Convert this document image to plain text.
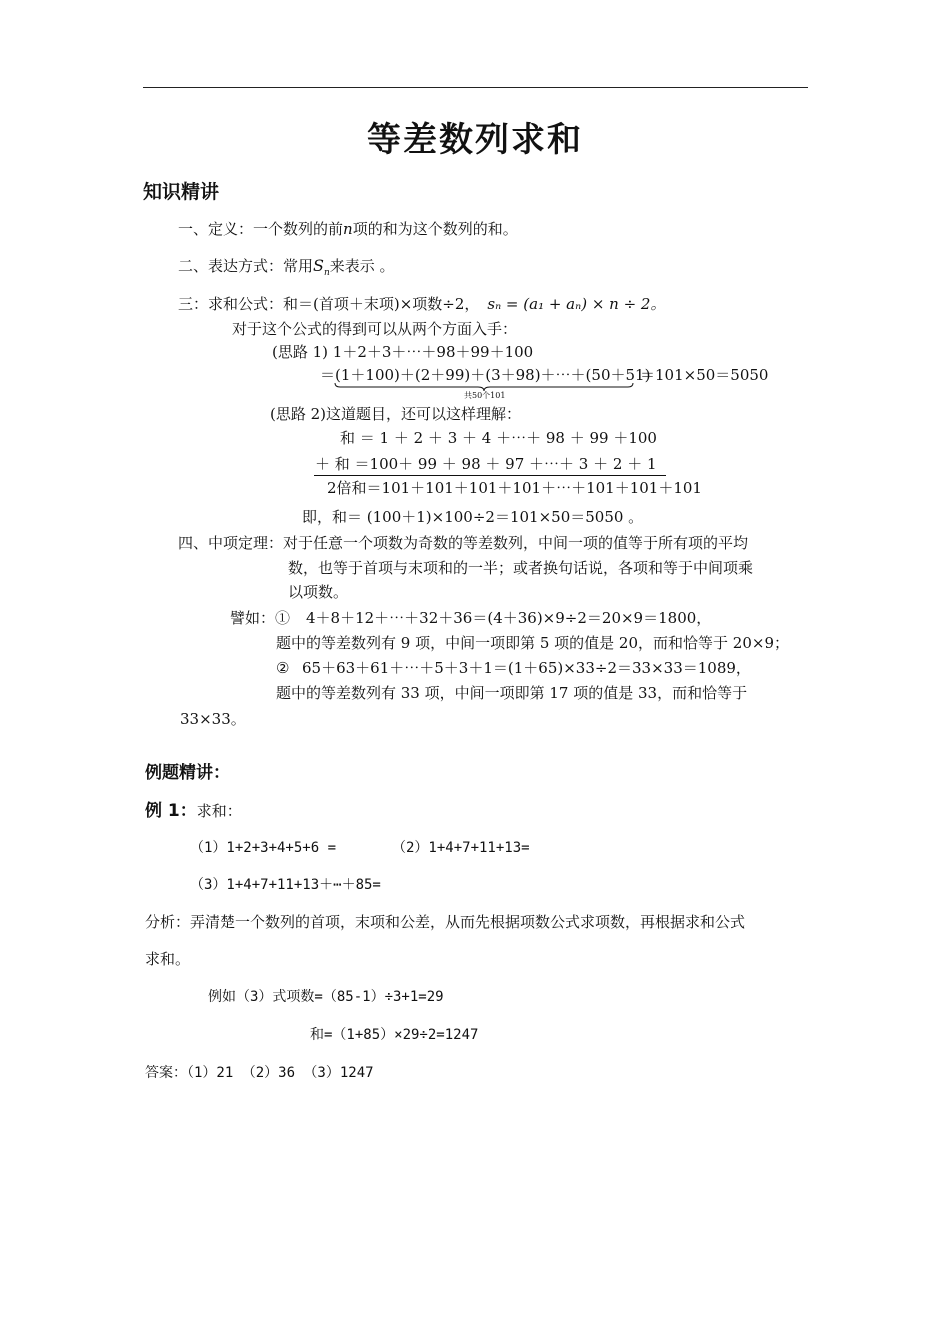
等差数列求和
知识精讲
一、定义：一个数列的前n项的和为这个数列的和。
二、表达方式：常用$S_n$来表示 。
三：求和公式：和＝(首项＋末项)×项数÷2， sₙ = (a₁ + aₙ) × n ÷ 2。
对于这个公式的得到可以从两个方面入手：
(思路 1) 1＋2＋3＋⋯＋98＋99＋100
＝(1＋100)＋(2＋99)＋(3＋98)＋⋯＋(50＋51)
＝101×50＝5050
共50个101
(思路 2)这道题目，还可以这样理解：
和 ＝ 1 ＋ 2 ＋ 3 ＋ 4 ＋⋯＋ 98 ＋ 99 ＋100
＋ 和 ＝100＋ 99 ＋ 98 ＋ 97 ＋⋯＋ 3 ＋ 2 ＋ 1
2倍和＝101＋101＋101＋101＋⋯＋101＋101＋101
即，和＝ (100＋1)×100÷2＝101×50＝5050 。
四、中项定理：对于任意一个项数为奇数的等差数列，中间一项的值等于所有项的平均
数，也等于首项与末项和的一半；或者换句话说，各项和等于中间项乘
以项数。
譬如：① 4＋8＋12＋⋯＋32＋36＝(4＋36)×9÷2＝20×9＝1800，
题中的等差数列有 9 项，中间一项即第 5 项的值是 20，而和恰等于 20×9；
② 65＋63＋61＋⋯＋5＋3＋1＝(1＋65)×33÷2＝33×33＝1089，
题中的等差数列有 33 项，中间一项即第 17 项的值是 33，而和恰等于
33×33。
例题精讲：
例 1：求和：
（1）1+2+3+4+5+6 =	（2）1+4+7+11+13=
（3）1+4+7+11+13＋⋯＋85=
分析：弄清楚一个数列的首项，末项和公差，从而先根据项数公式求项数，再根据求和公式
求和。
例如（3）式项数=（85-1）÷3+1=29
和=（1+85）×29÷2=1247
答案：（1）21 （2）36 （3）1247
